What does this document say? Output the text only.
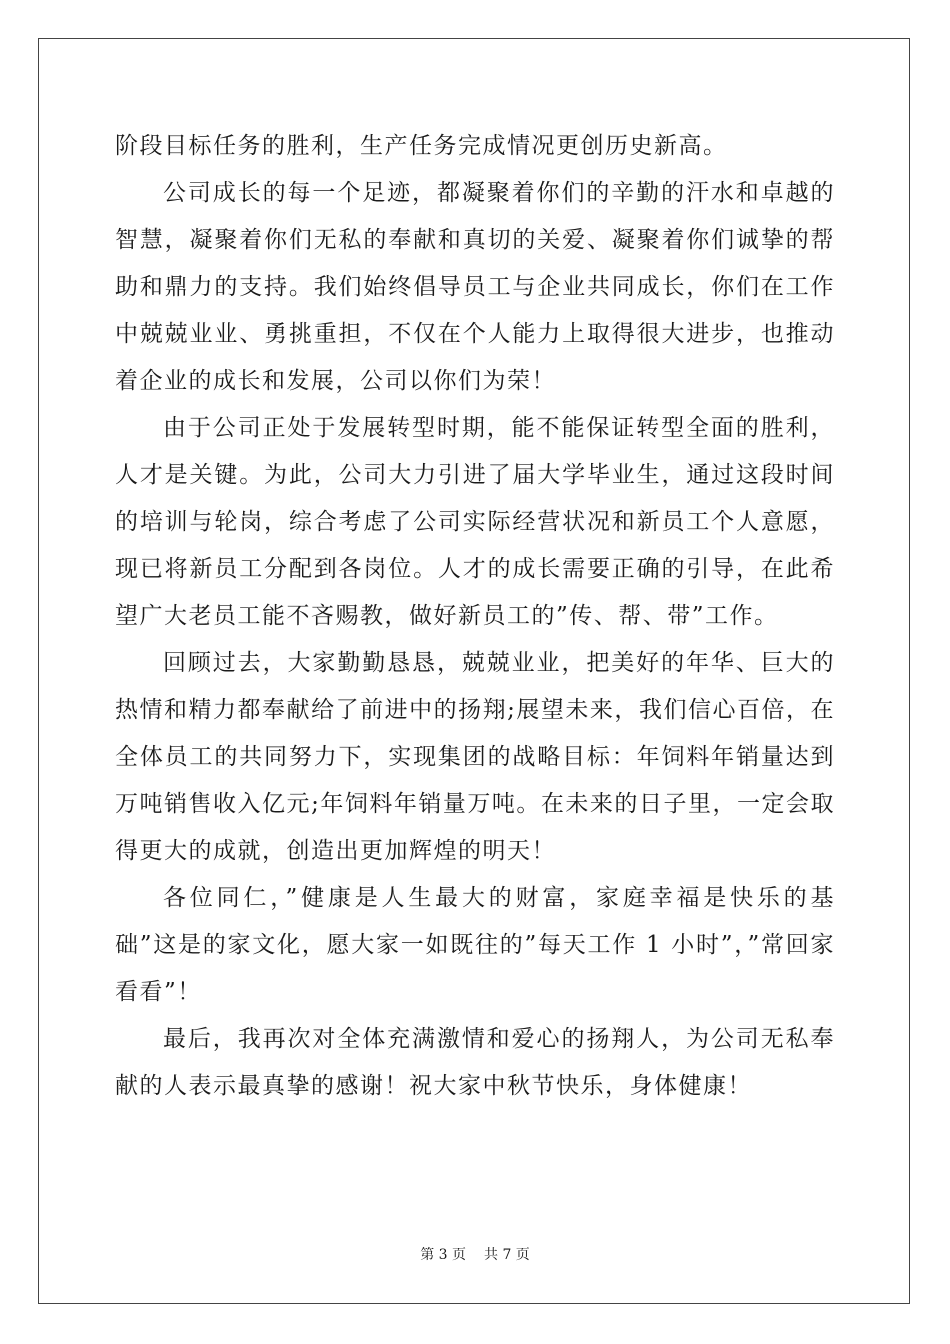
阶段目标任务的胜利，生产任务完成情况更创历史新高。

公司成长的每一个足迹，都凝聚着你们的辛勤的汗水和卓越的智慧，凝聚着你们无私的奉献和真切的关爱、凝聚着你们诚挚的帮助和鼎力的支持。我们始终倡导员工与企业共同成长，你们在工作中兢兢业业、勇挑重担，不仅在个人能力上取得很大进步，也推动着企业的成长和发展，公司以你们为荣！

由于公司正处于发展转型时期，能不能保证转型全面的胜利，人才是关键。为此，公司大力引进了届大学毕业生，通过这段时间的培训与轮岗，综合考虑了公司实际经营状况和新员工个人意愿，现已将新员工分配到各岗位。人才的成长需要正确的引导，在此希望广大老员工能不吝赐教，做好新员工的”传、帮、带”工作。

回顾过去，大家勤勤恳恳，兢兢业业，把美好的年华、巨大的热情和精力都奉献给了前进中的扬翔;展望未来，我们信心百倍，在全体员工的共同努力下，实现集团的战略目标：年饲料年销量达到万吨销售收入亿元;年饲料年销量万吨。在未来的日子里，一定会取得更大的成就，创造出更加辉煌的明天！

各位同仁，”健康是人生最大的财富，家庭幸福是快乐的基础”这是的家文化，愿大家一如既往的”每天工作 1 小时”，”常回家看看”！

最后，我再次对全体充满激情和爱心的扬翔人，为公司无私奉献的人表示最真挚的感谢！祝大家中秋节快乐，身体健康！

第 3 页 共 7 页
